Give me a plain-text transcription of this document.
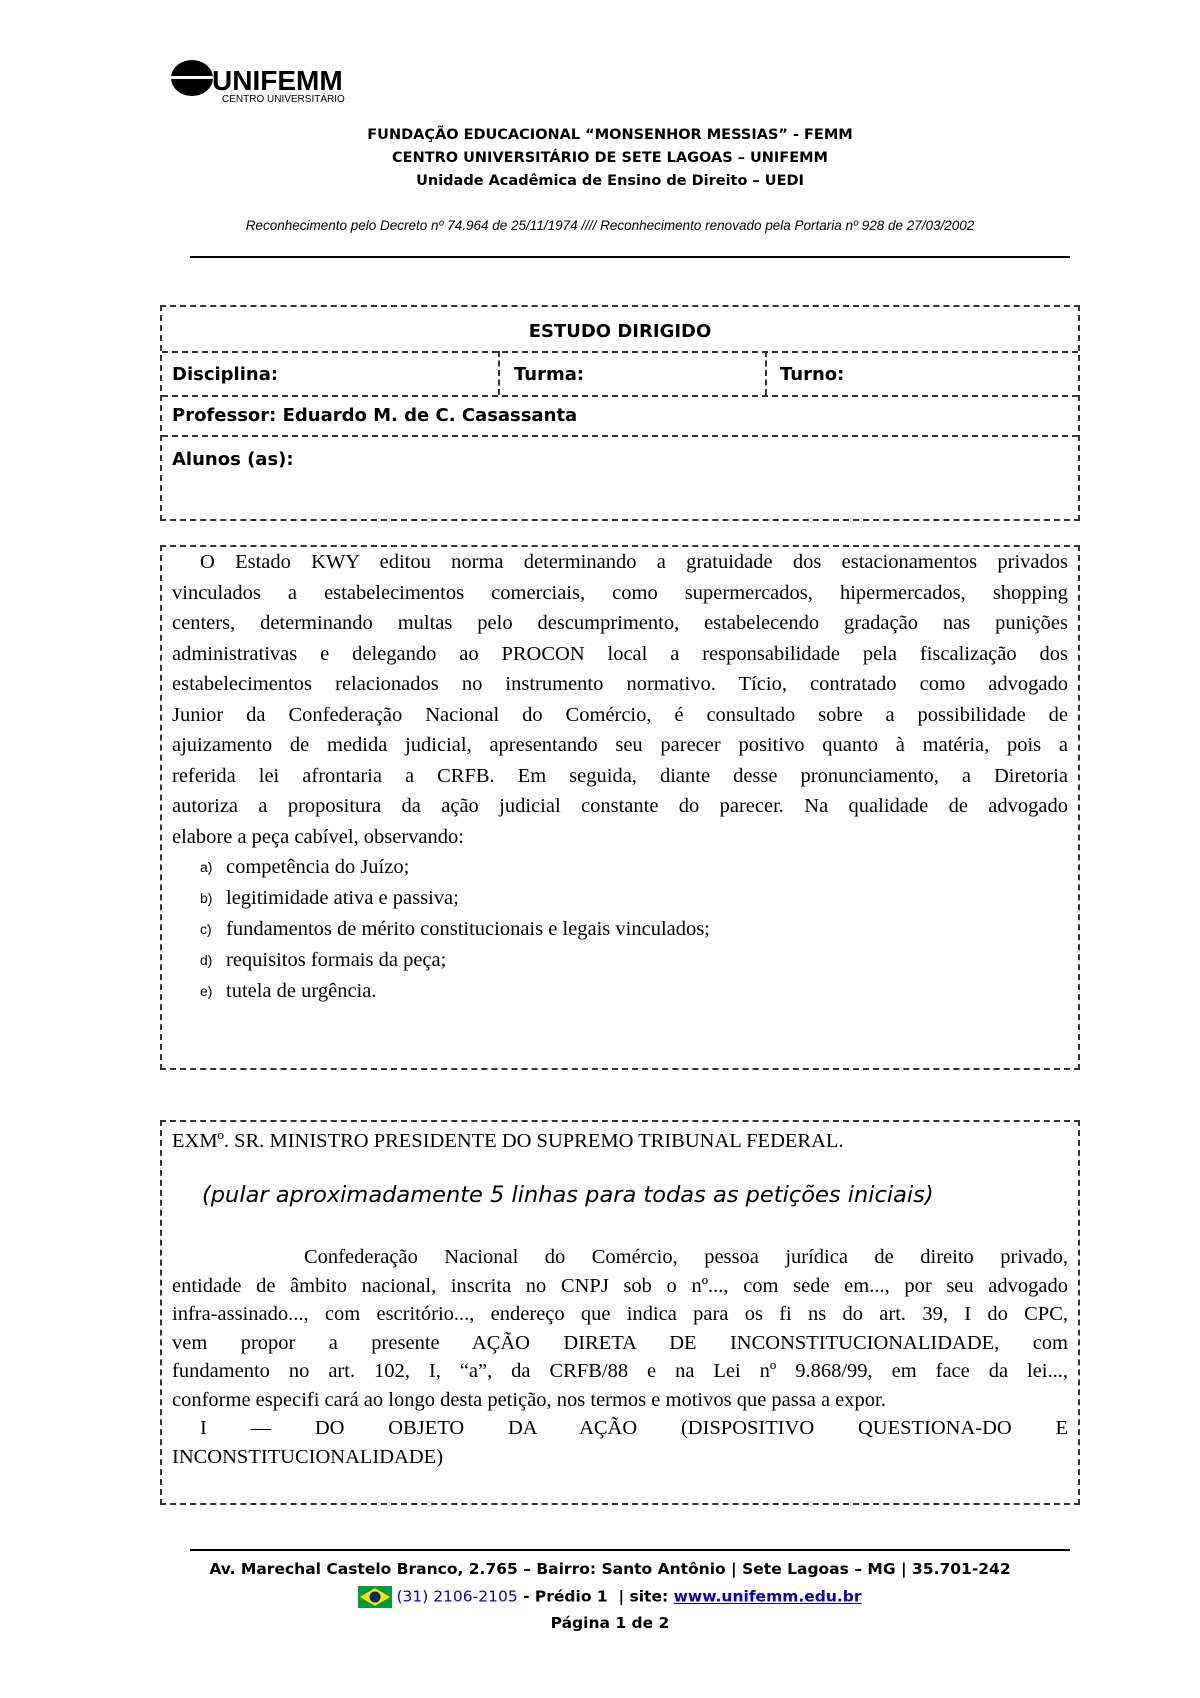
UNIFEMM
CENTRO UNIVERSITÁRIO
FUNDAÇÃO EDUCACIONAL “MONSENHOR MESSIAS” - FEMM
CENTRO UNIVERSITÁRIO DE SETE LAGOAS – UNIFEMM
Unidade Acadêmica de Ensino de Direito – UEDI
Reconhecimento pelo Decreto nº 74.964 de 25/11/1974 //// Reconhecimento renovado pela Portaria nº 928 de 27/03/2002
ESTUDO DIRIGIDO
Disciplina:	Turma:	Turno:
Professor: Eduardo M. de C. Casassanta
Alunos (as):
O Estado KWY editou norma determinando a gratuidade dos estacionamentos privados
vinculados a estabelecimentos comerciais, como supermercados, hipermercados, shopping
centers, determinando multas pelo descumprimento, estabelecendo gradação nas punições
administrativas e delegando ao PROCON local a responsabilidade pela fiscalização dos
estabelecimentos relacionados no instrumento normativo. Tício, contratado como advogado
Junior da Confederação Nacional do Comércio, é consultado sobre a possibilidade de
ajuizamento de medida judicial, apresentando seu parecer positivo quanto à matéria, pois a
referida lei afrontaria a CRFB. Em seguida, diante desse pronunciamento, a Diretoria
autoriza a propositura da ação judicial constante do parecer. Na qualidade de advogado
elabore a peça cabível, observando:
a) competência do Juízo;
b) legitimidade ativa e passiva;
c) fundamentos de mérito constitucionais e legais vinculados;
d) requisitos formais da peça;
e) tutela de urgência.
EXMº. SR. MINISTRO PRESIDENTE DO SUPREMO TRIBUNAL FEDERAL.
(pular aproximadamente 5 linhas para todas as petições iniciais)
Confederação Nacional do Comércio, pessoa jurídica de direito privado,
entidade de âmbito nacional, inscrita no CNPJ sob o nº..., com sede em..., por seu advogado
infra-assinado..., com escritório..., endereço que indica para os fi ns do art. 39, I do CPC,
vem propor a presente AÇÃO DIRETA DE INCONSTITUCIONALIDADE, com
fundamento no art. 102, I, “a”, da CRFB/88 e na Lei nº 9.868/99, em face da lei...,
conforme especifi cará ao longo desta petição, nos termos e motivos que passa a expor.
I — DO OBJETO DA AÇÃO (DISPOSITIVO QUESTIONA-DO E
INCONSTITUCIONALIDADE)
Av. Marechal Castelo Branco, 2.765 – Bairro: Santo Antônio | Sete Lagoas – MG | 35.701-242
(31) 2106-2105 - Prédio 1  | site: www.unifemm.edu.br
Página 1 de 2
